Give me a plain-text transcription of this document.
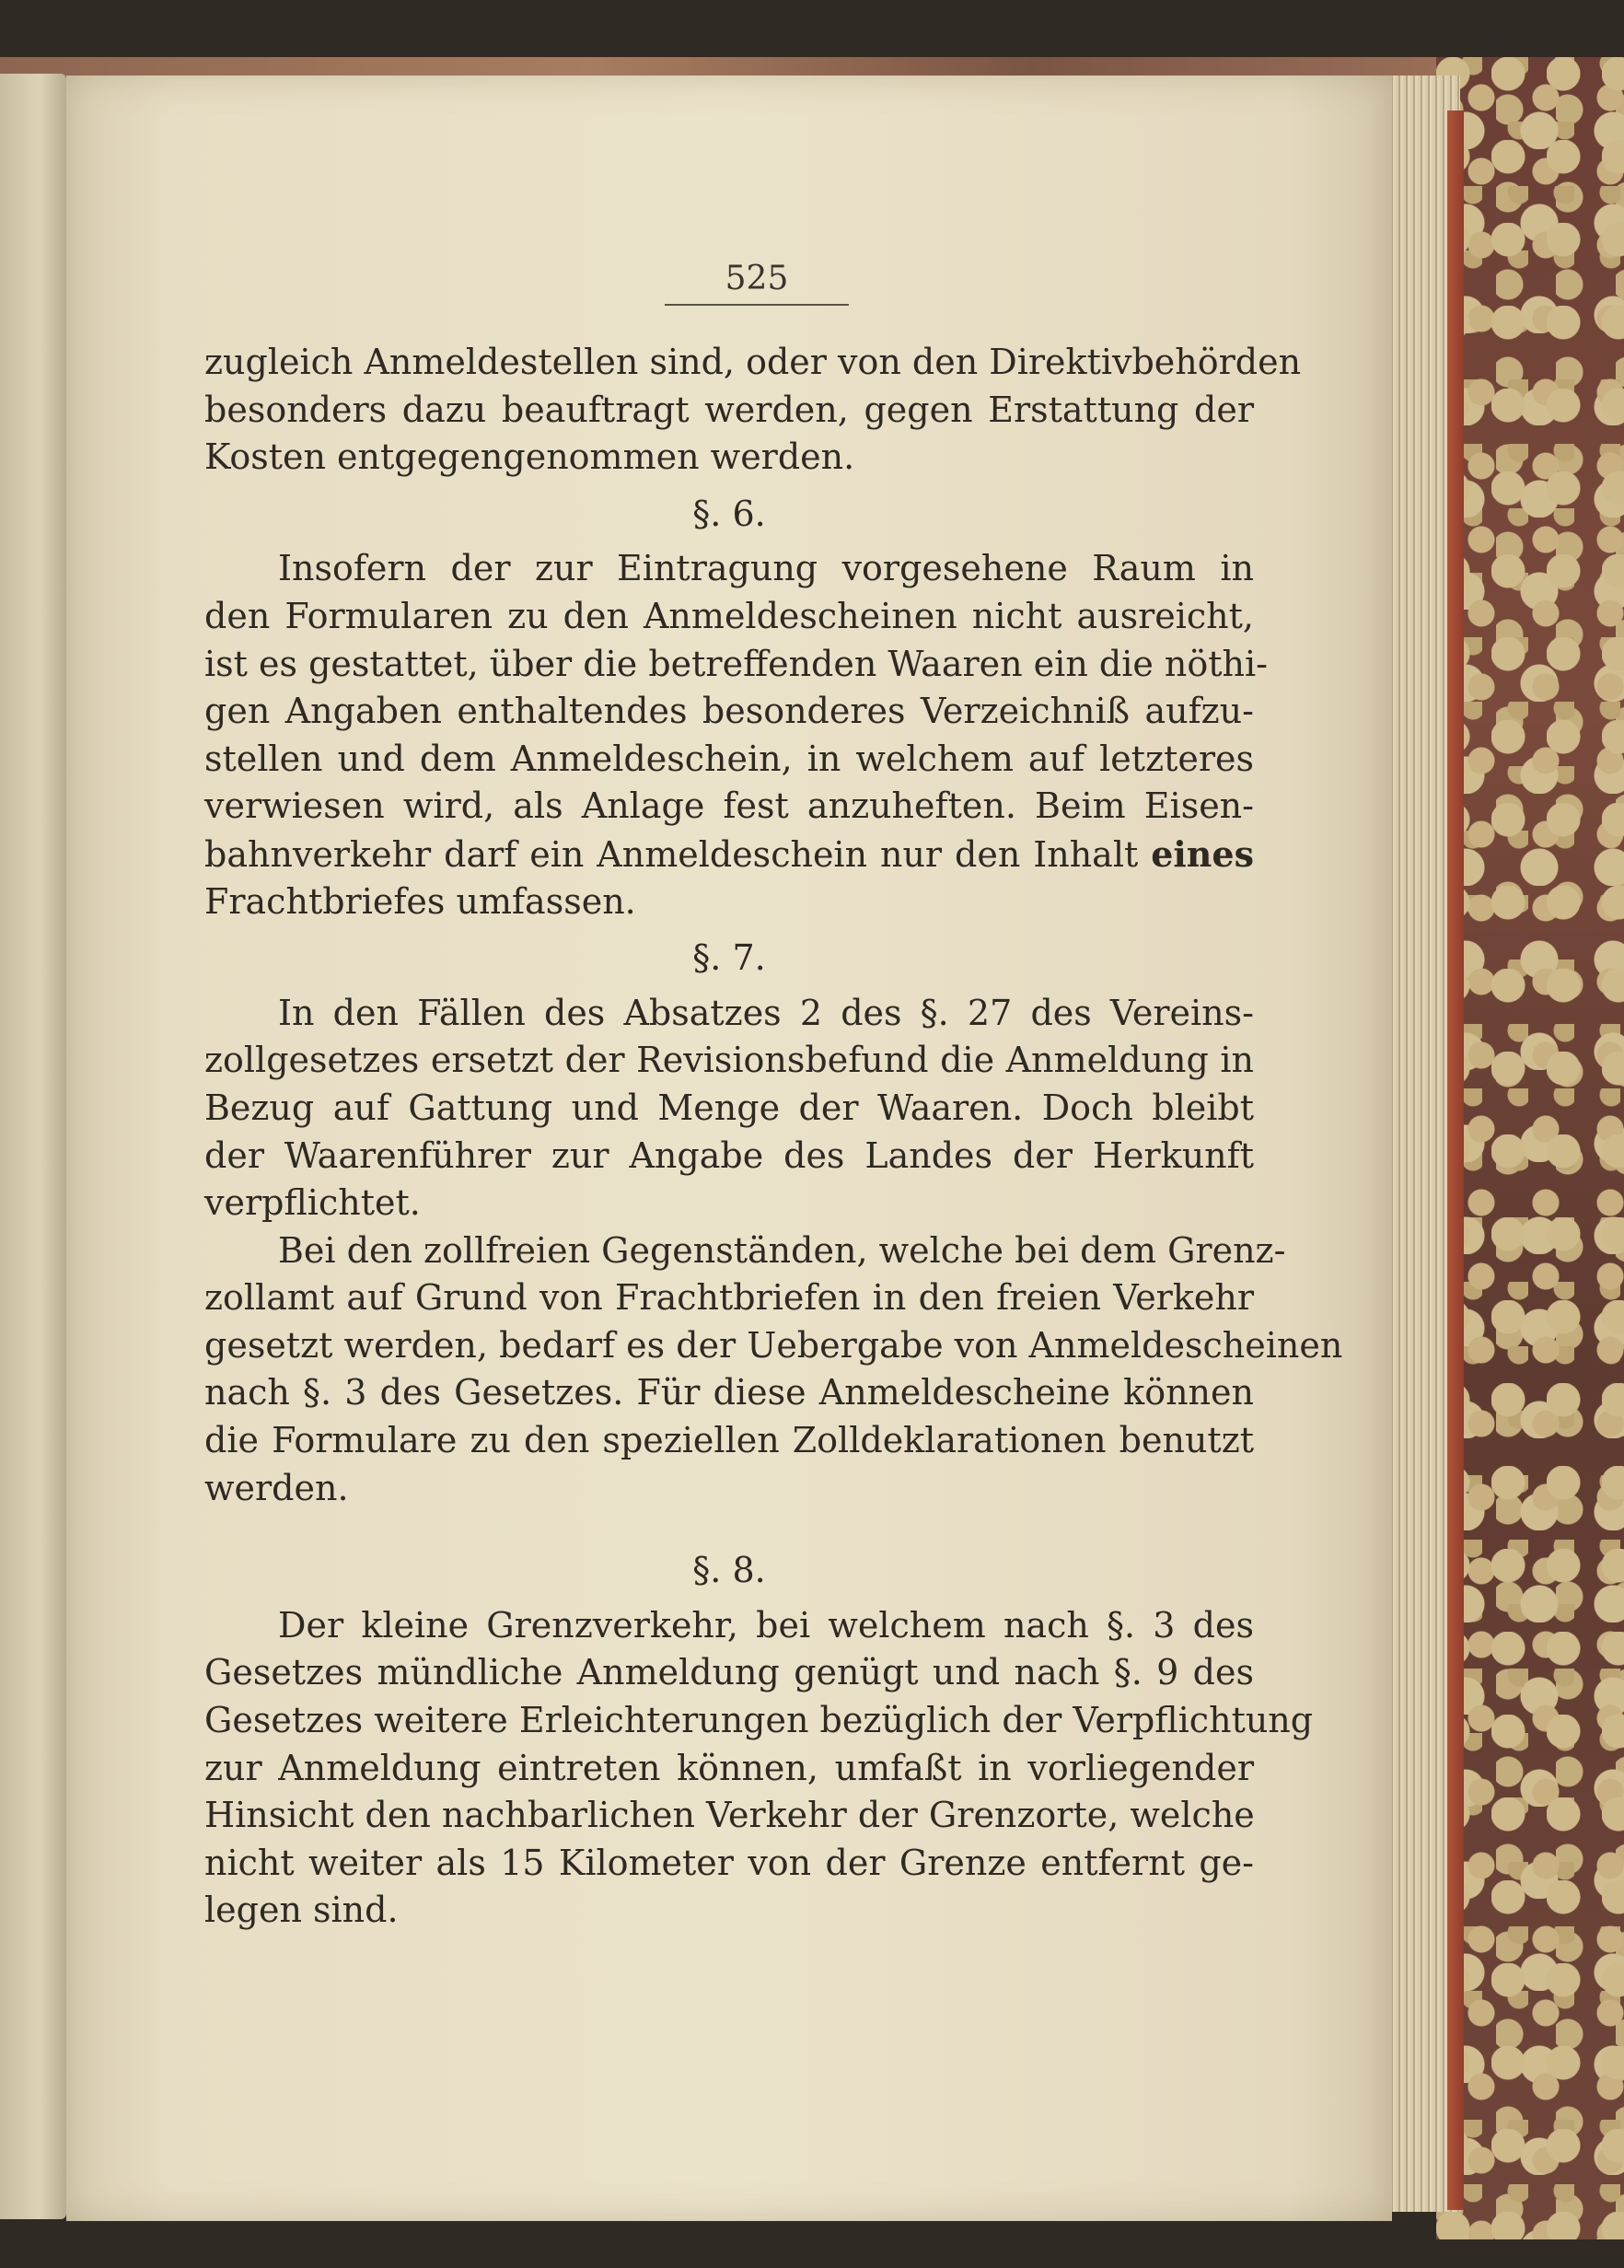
525
zugleich Anmeldestellen sind, oder von den Direktivbehörden
besonders dazu beauftragt werden, gegen Erstattung der
Kosten entgegengenommen werden.
§. 6.
Insofern der zur Eintragung vorgesehene Raum in
den Formularen zu den Anmeldescheinen nicht ausreicht,
ist es gestattet, über die betreffenden Waaren ein die nöthi-
gen Angaben enthaltendes besonderes Verzeichniß aufzu-
stellen und dem Anmeldeschein, in welchem auf letzteres
verwiesen wird, als Anlage fest anzuheften. Beim Eisen-
bahnverkehr darf ein Anmeldeschein nur den Inhalt eines
Frachtbriefes umfassen.
§. 7.
In den Fällen des Absatzes 2 des §. 27 des Vereins-
zollgesetzes ersetzt der Revisionsbefund die Anmeldung in
Bezug auf Gattung und Menge der Waaren. Doch bleibt
der Waarenführer zur Angabe des Landes der Herkunft
verpflichtet.
Bei den zollfreien Gegenständen, welche bei dem Grenz-
zollamt auf Grund von Frachtbriefen in den freien Verkehr
gesetzt werden, bedarf es der Uebergabe von Anmeldescheinen
nach §. 3 des Gesetzes. Für diese Anmeldescheine können
die Formulare zu den speziellen Zolldeklarationen benutzt
werden.
§. 8.
Der kleine Grenzverkehr, bei welchem nach §. 3 des
Gesetzes mündliche Anmeldung genügt und nach §. 9 des
Gesetzes weitere Erleichterungen bezüglich der Verpflichtung
zur Anmeldung eintreten können, umfaßt in vorliegender
Hinsicht den nachbarlichen Verkehr der Grenzorte, welche
nicht weiter als 15 Kilometer von der Grenze entfernt ge-
legen sind.
